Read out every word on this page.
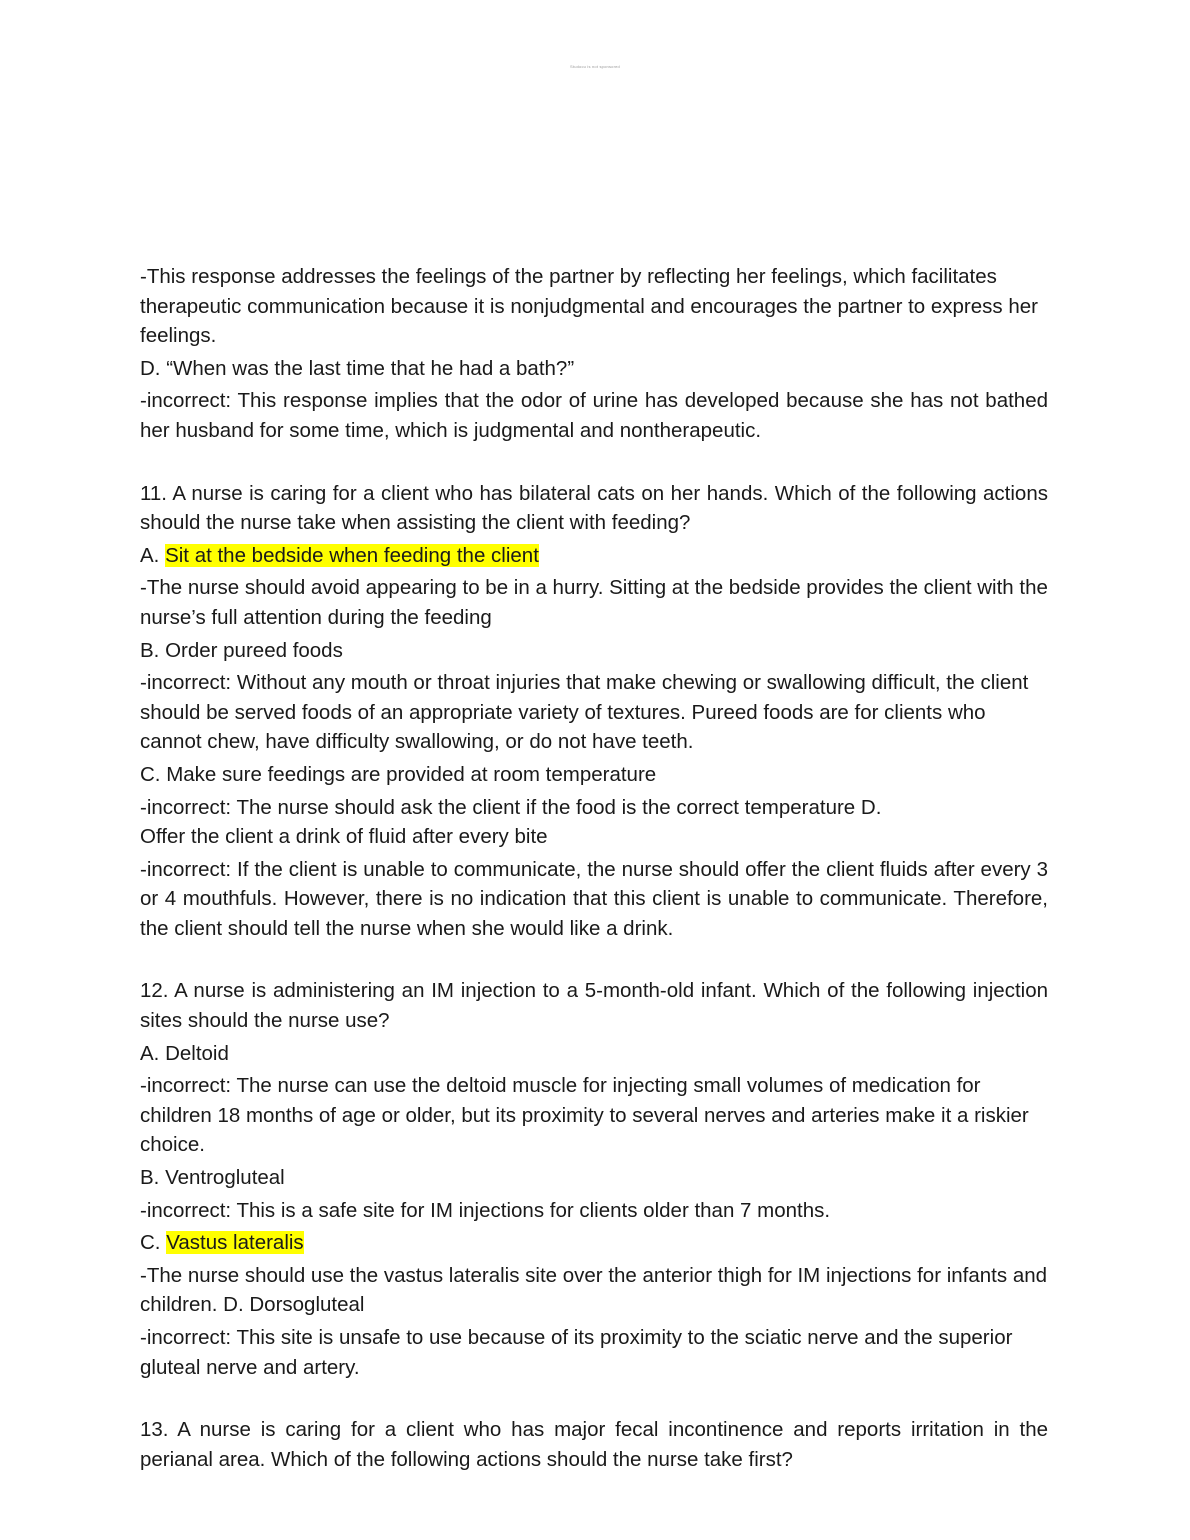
Studocu is not sponsored

-This response addresses the feelings of the partner by reflecting her feelings, which facilitates therapeutic communication because it is nonjudgmental and encourages the partner to express her feelings.

D. “When was the last time that he had a bath?”

-incorrect: This response implies that the odor of urine has developed because she has not bathed her husband for some time, which is judgmental and nontherapeutic.

11. A nurse is caring for a client who has bilateral cats on her hands. Which of the following actions should the nurse take when assisting the client with feeding?

A. Sit at the bedside when feeding the client

-The nurse should avoid appearing to be in a hurry. Sitting at the bedside provides the client with the nurse’s full attention during the feeding

B. Order pureed foods

-incorrect: Without any mouth or throat injuries that make chewing or swallowing difficult, the client should be served foods of an appropriate variety of textures. Pureed foods are for clients who cannot chew, have difficulty swallowing, or do not have teeth.

C. Make sure feedings are provided at room temperature

-incorrect: The nurse should ask the client if the food is the correct temperature D.

Offer the client a drink of fluid after every bite

-incorrect: If the client is unable to communicate, the nurse should offer the client fluids after every 3 or 4 mouthfuls. However, there is no indication that this client is unable to communicate. Therefore, the client should tell the nurse when she would like a drink.

12. A nurse is administering an IM injection to a 5-month-old infant. Which of the following injection sites should the nurse use?

A. Deltoid

-incorrect: The nurse can use the deltoid muscle for injecting small volumes of medication for children 18 months of age or older, but its proximity to several nerves and arteries make it a riskier choice.

B. Ventrogluteal

-incorrect: This is a safe site for IM injections for clients older than 7 months.

C. Vastus lateralis

-The nurse should use the vastus lateralis site over the anterior thigh for IM injections for infants and children. D. Dorsogluteal

-incorrect: This site is unsafe to use because of its proximity to the sciatic nerve and the superior gluteal nerve and artery.

13. A nurse is caring for a client who has major fecal incontinence and reports irritation in the perianal area. Which of the following actions should the nurse take first?
